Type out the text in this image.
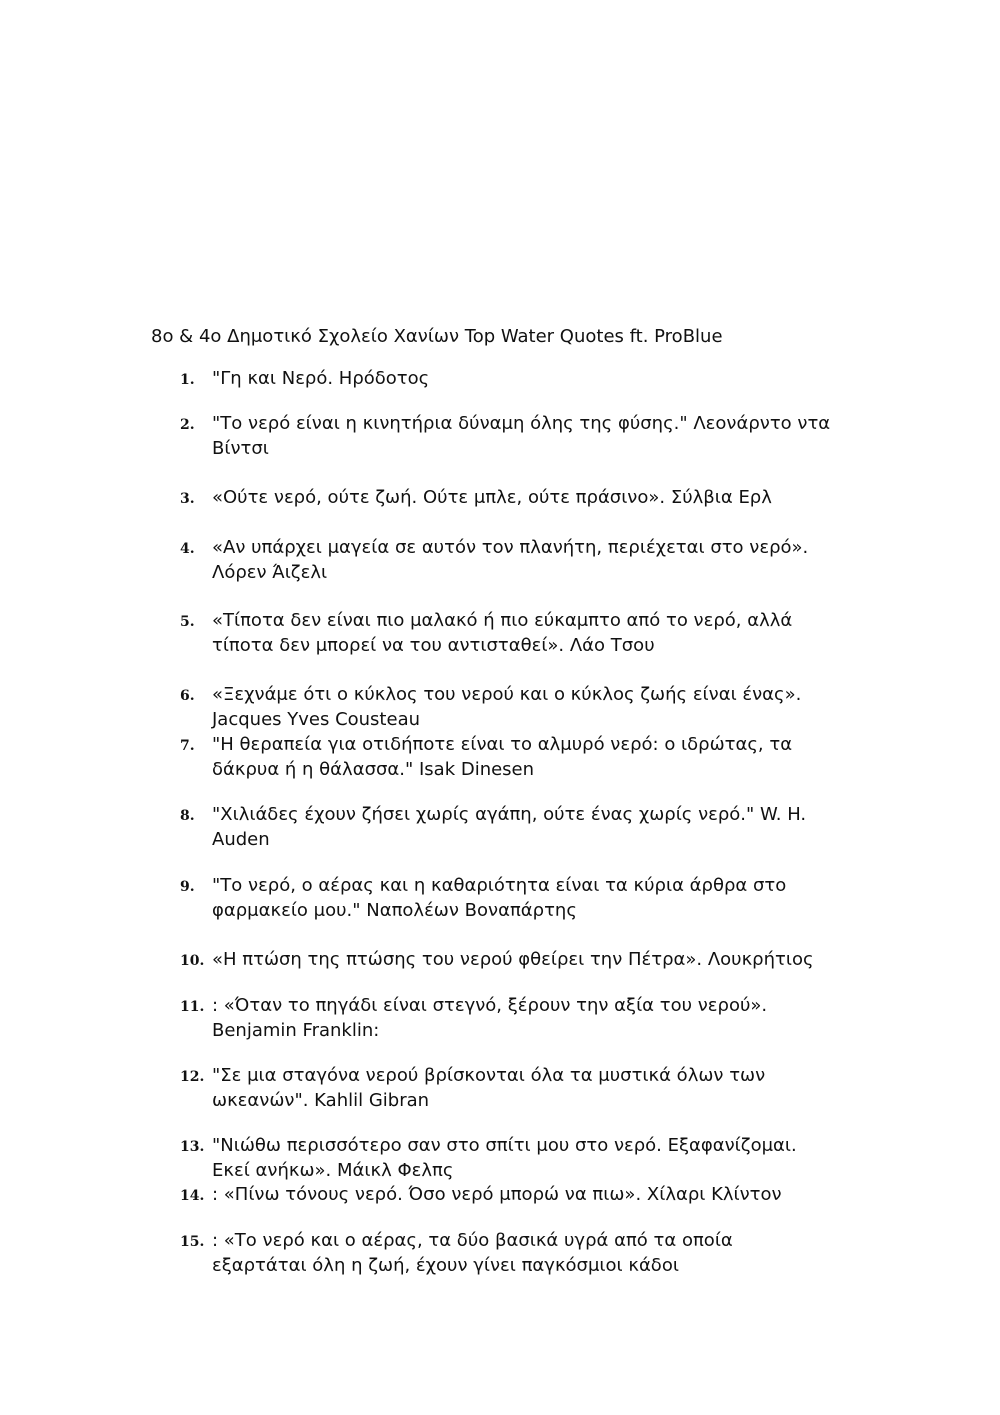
8ο & 4ο Δημοτικό Σχολείο Χανίων Top Water Quotes ft. ProBlue
1. "Γη και Νερό. Ηρόδοτος
2. "Το νερό είναι η κινητήρια δύναμη όλης της φύσης." Λεονάρντο ντα
Βίντσι
3. «Ούτε νερό, ούτε ζωή. Ούτε μπλε, ούτε πράσινο». Σύλβια Ερλ
4. «Αν υπάρχει μαγεία σε αυτόν τον πλανήτη, περιέχεται στο νερό».
Λόρεν Άιζελι
5. «Τίποτα δεν είναι πιο μαλακό ή πιο εύκαμπτο από το νερό, αλλά
τίποτα δεν μπορεί να του αντισταθεί». Λάο Τσου
6. «Ξεχνάμε ότι ο κύκλος του νερού και ο κύκλος ζωής είναι ένας».
Jacques Yves Cousteau
7. "Η θεραπεία για οτιδήποτε είναι το αλμυρό νερό: ο ιδρώτας, τα
δάκρυα ή η θάλασσα." Isak Dinesen
8. "Χιλιάδες έχουν ζήσει χωρίς αγάπη, ούτε ένας χωρίς νερό." W. H.
Auden
9. "Το νερό, ο αέρας και η καθαριότητα είναι τα κύρια άρθρα στο
φαρμακείο μου." Ναπολέων Βοναπάρτης
10. «Η πτώση της πτώσης του νερού φθείρει την Πέτρα». Λουκρήτιος
11. : «Όταν το πηγάδι είναι στεγνό, ξέρουν την αξία του νερού».
Benjamin Franklin:
12. "Σε μια σταγόνα νερού βρίσκονται όλα τα μυστικά όλων των
ωκεανών". Kahlil Gibran
13. "Νιώθω περισσότερο σαν στο σπίτι μου στο νερό. Εξαφανίζομαι.
Εκεί ανήκω». Μάικλ Φελπς
14. : «Πίνω τόνους νερό. Όσο νερό μπορώ να πιω». Χίλαρι Κλίντον
15. : «Το νερό και ο αέρας, τα δύο βασικά υγρά από τα οποία
εξαρτάται όλη η ζωή, έχουν γίνει παγκόσμιοι κάδοι
